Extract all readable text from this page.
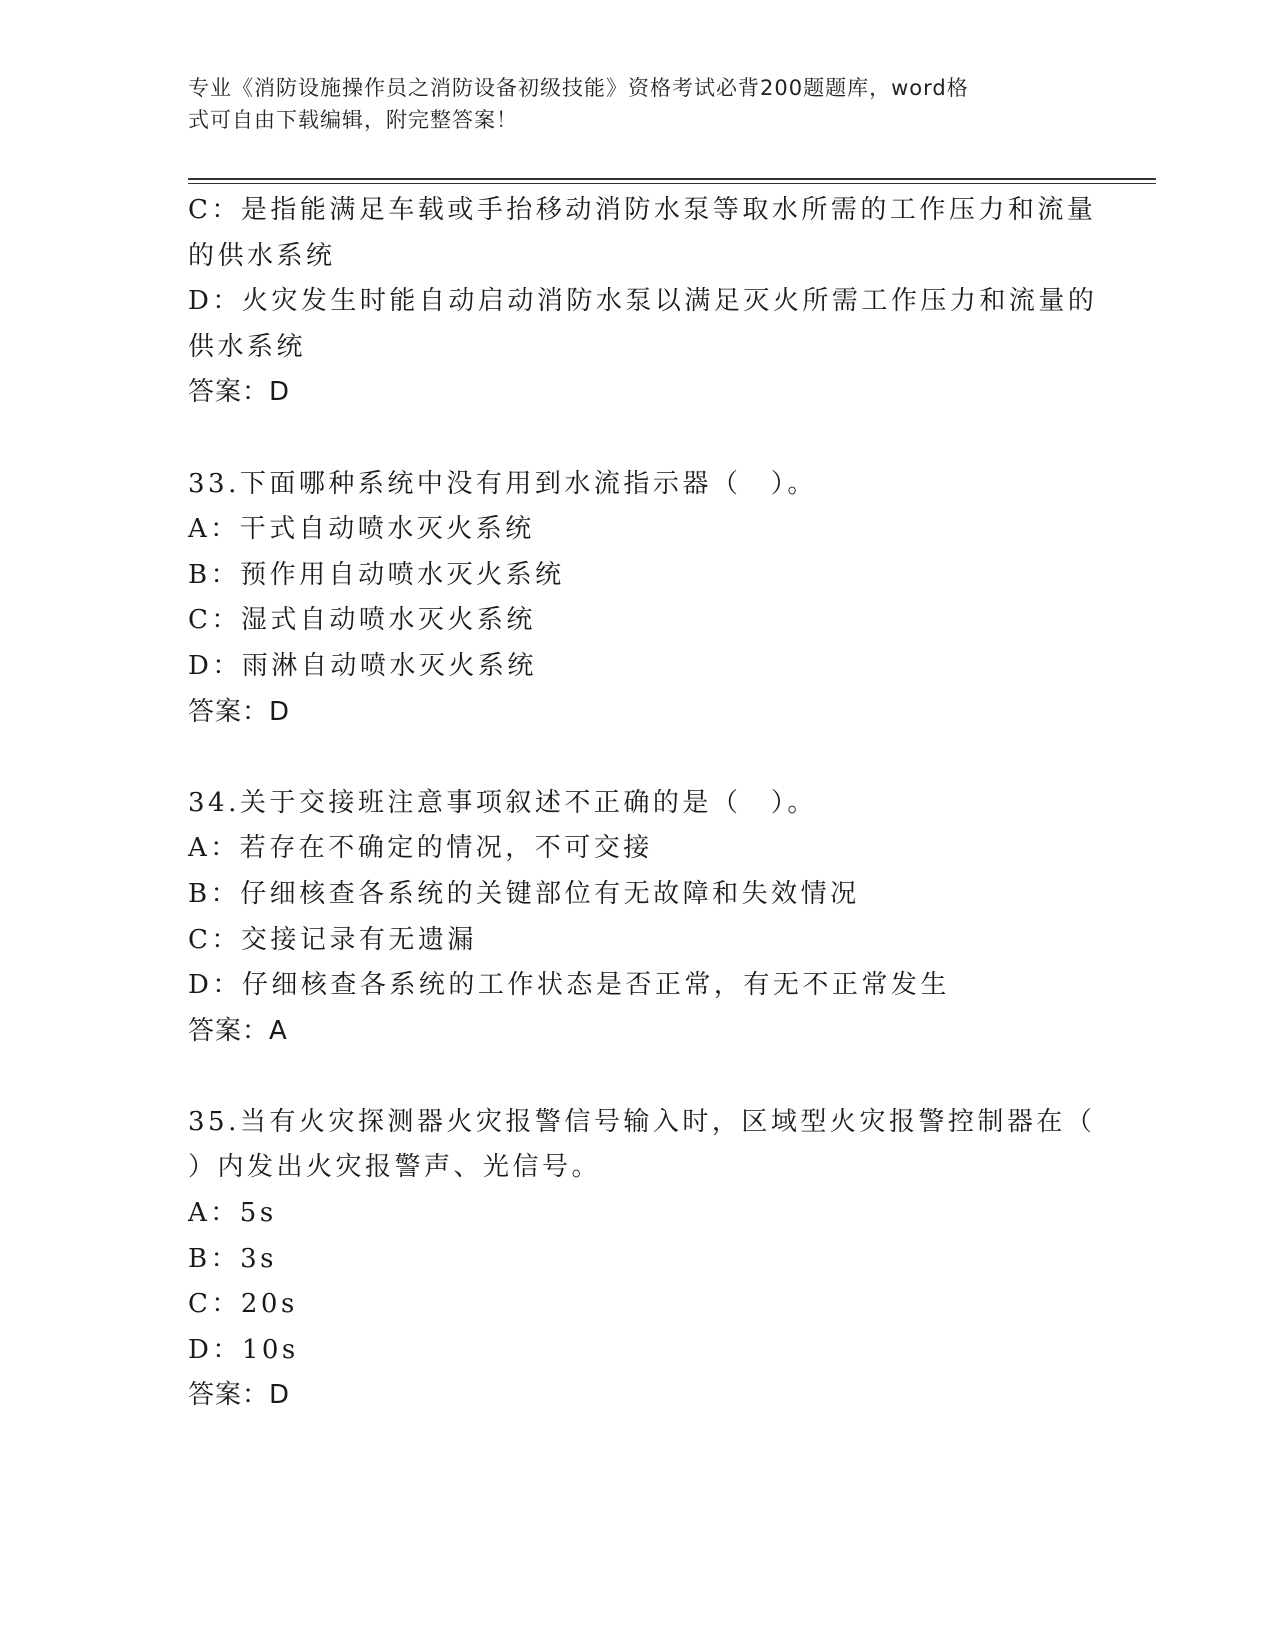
专业《消防设施操作员之消防设备初级技能》资格考试必背200题题库，word格
式可自由下载编辑，附完整答案！
C：是指能满足车载或手抬移动消防水泵等取水所需的工作压力和流量
的供水系统
D：火灾发生时能自动启动消防水泵以满足灭火所需工作压力和流量的
供水系统
答案：D
33.下面哪种系统中没有用到水流指示器（　）。
A：干式自动喷水灭火系统
B：预作用自动喷水灭火系统
C：湿式自动喷水灭火系统
D：雨淋自动喷水灭火系统
答案：D
34.关于交接班注意事项叙述不正确的是（　）。
A：若存在不确定的情况，不可交接
B：仔细核查各系统的关键部位有无故障和失效情况
C：交接记录有无遗漏
D：仔细核查各系统的工作状态是否正常，有无不正常发生
答案：A
35.当有火灾探测器火灾报警信号输入时，区域型火灾报警控制器在（
）内发出火灾报警声、光信号。
A：5s
B：3s
C：20s
D：10s
答案：D
